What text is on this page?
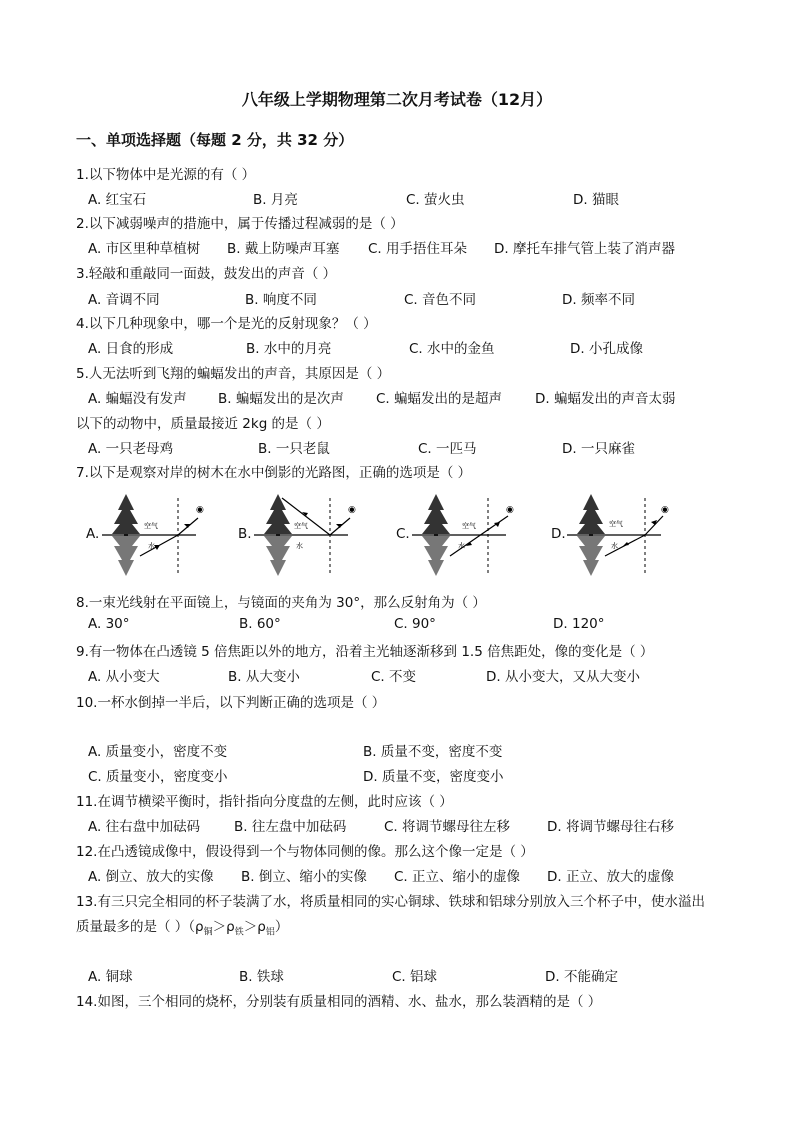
八年级上学期物理第二次月考试卷（12月）
一、单项选择题（每题 2 分，共 32 分）
1.以下物体中是光源的有（ ）
A. 红宝石	B. 月亮	C. 萤火虫	D. 猫眼
2.以下减弱噪声的措施中，属于传播过程减弱的是（ ）
A. 市区里种草植树 B. 戴上防噪声耳塞 C. 用手捂住耳朵 D. 摩托车排气管上装了消声器
3.轻敲和重敲同一面鼓，鼓发出的声音（ ）
A. 音调不同	B. 响度不同	C. 音色不同	D. 频率不同
4.以下几种现象中，哪一个是光的反射现象？（ ）
A. 日食的形成	B. 水中的月亮	C. 水中的金鱼	D. 小孔成像
5.人无法听到飞翔的蝙蝠发出的声音，其原因是（ ）
A. 蝙蝠没有发声 B. 蝙蝠发出的是次声 C. 蝙蝠发出的是超声 D. 蝙蝠发出的声音太弱
以下的动物中，质量最接近 2kg 的是（ ）
A. 一只老母鸡	B. 一只老鼠	C. 一匹马	D. 一只麻雀
7.以下是观察对岸的树木在水中倒影的光路图，正确的选项是（ ）
A.	空气
水
◉
B.	空气
水
◉
C.	空气
水
◉
D.
空气
水
◉
8.一束光线射在平面镜上，与镜面的夹角为 30°，那么反射角为（ ）
A. 30°	B. 60°	C. 90°	D. 120°
9.有一物体在凸透镜 5 倍焦距以外的地方，沿着主光轴逐渐移到 1.5 倍焦距处，像的变化是（ ）
A. 从小变大	B. 从大变小	C. 不变	D. 从小变大，又从大变小
10.一杯水倒掉一半后，以下判断正确的选项是（ ）
A. 质量变小，密度不变	B. 质量不变，密度不变
C. 质量变小，密度变小	D. 质量不变，密度变小
11.在调节横梁平衡时，指针指向分度盘的左侧，此时应该（ ）
A. 往右盘中加砝码	B. 往左盘中加砝码	C. 将调节螺母往左移	D. 将调节螺母往右移
12.在凸透镜成像中，假设得到一个与物体同侧的像。那么这个像一定是（ ）
A. 倒立、放大的实像 B. 倒立、缩小的实像 C. 正立、缩小的虚像 D. 正立、放大的虚像
13.有三只完全相同的杯子装满了水，将质量相同的实心铜球、铁球和铝球分别放入三个杯子中，使水溢出
质量最多的是（ ）$(\rho_铜>\rho_铁>\rho_铝)$
A. 铜球	B. 铁球	C. 铝球	D. 不能确定
14.如图，三个相同的烧杯，分别装有质量相同的酒精、水、盐水，那么装酒精的是（ ）
